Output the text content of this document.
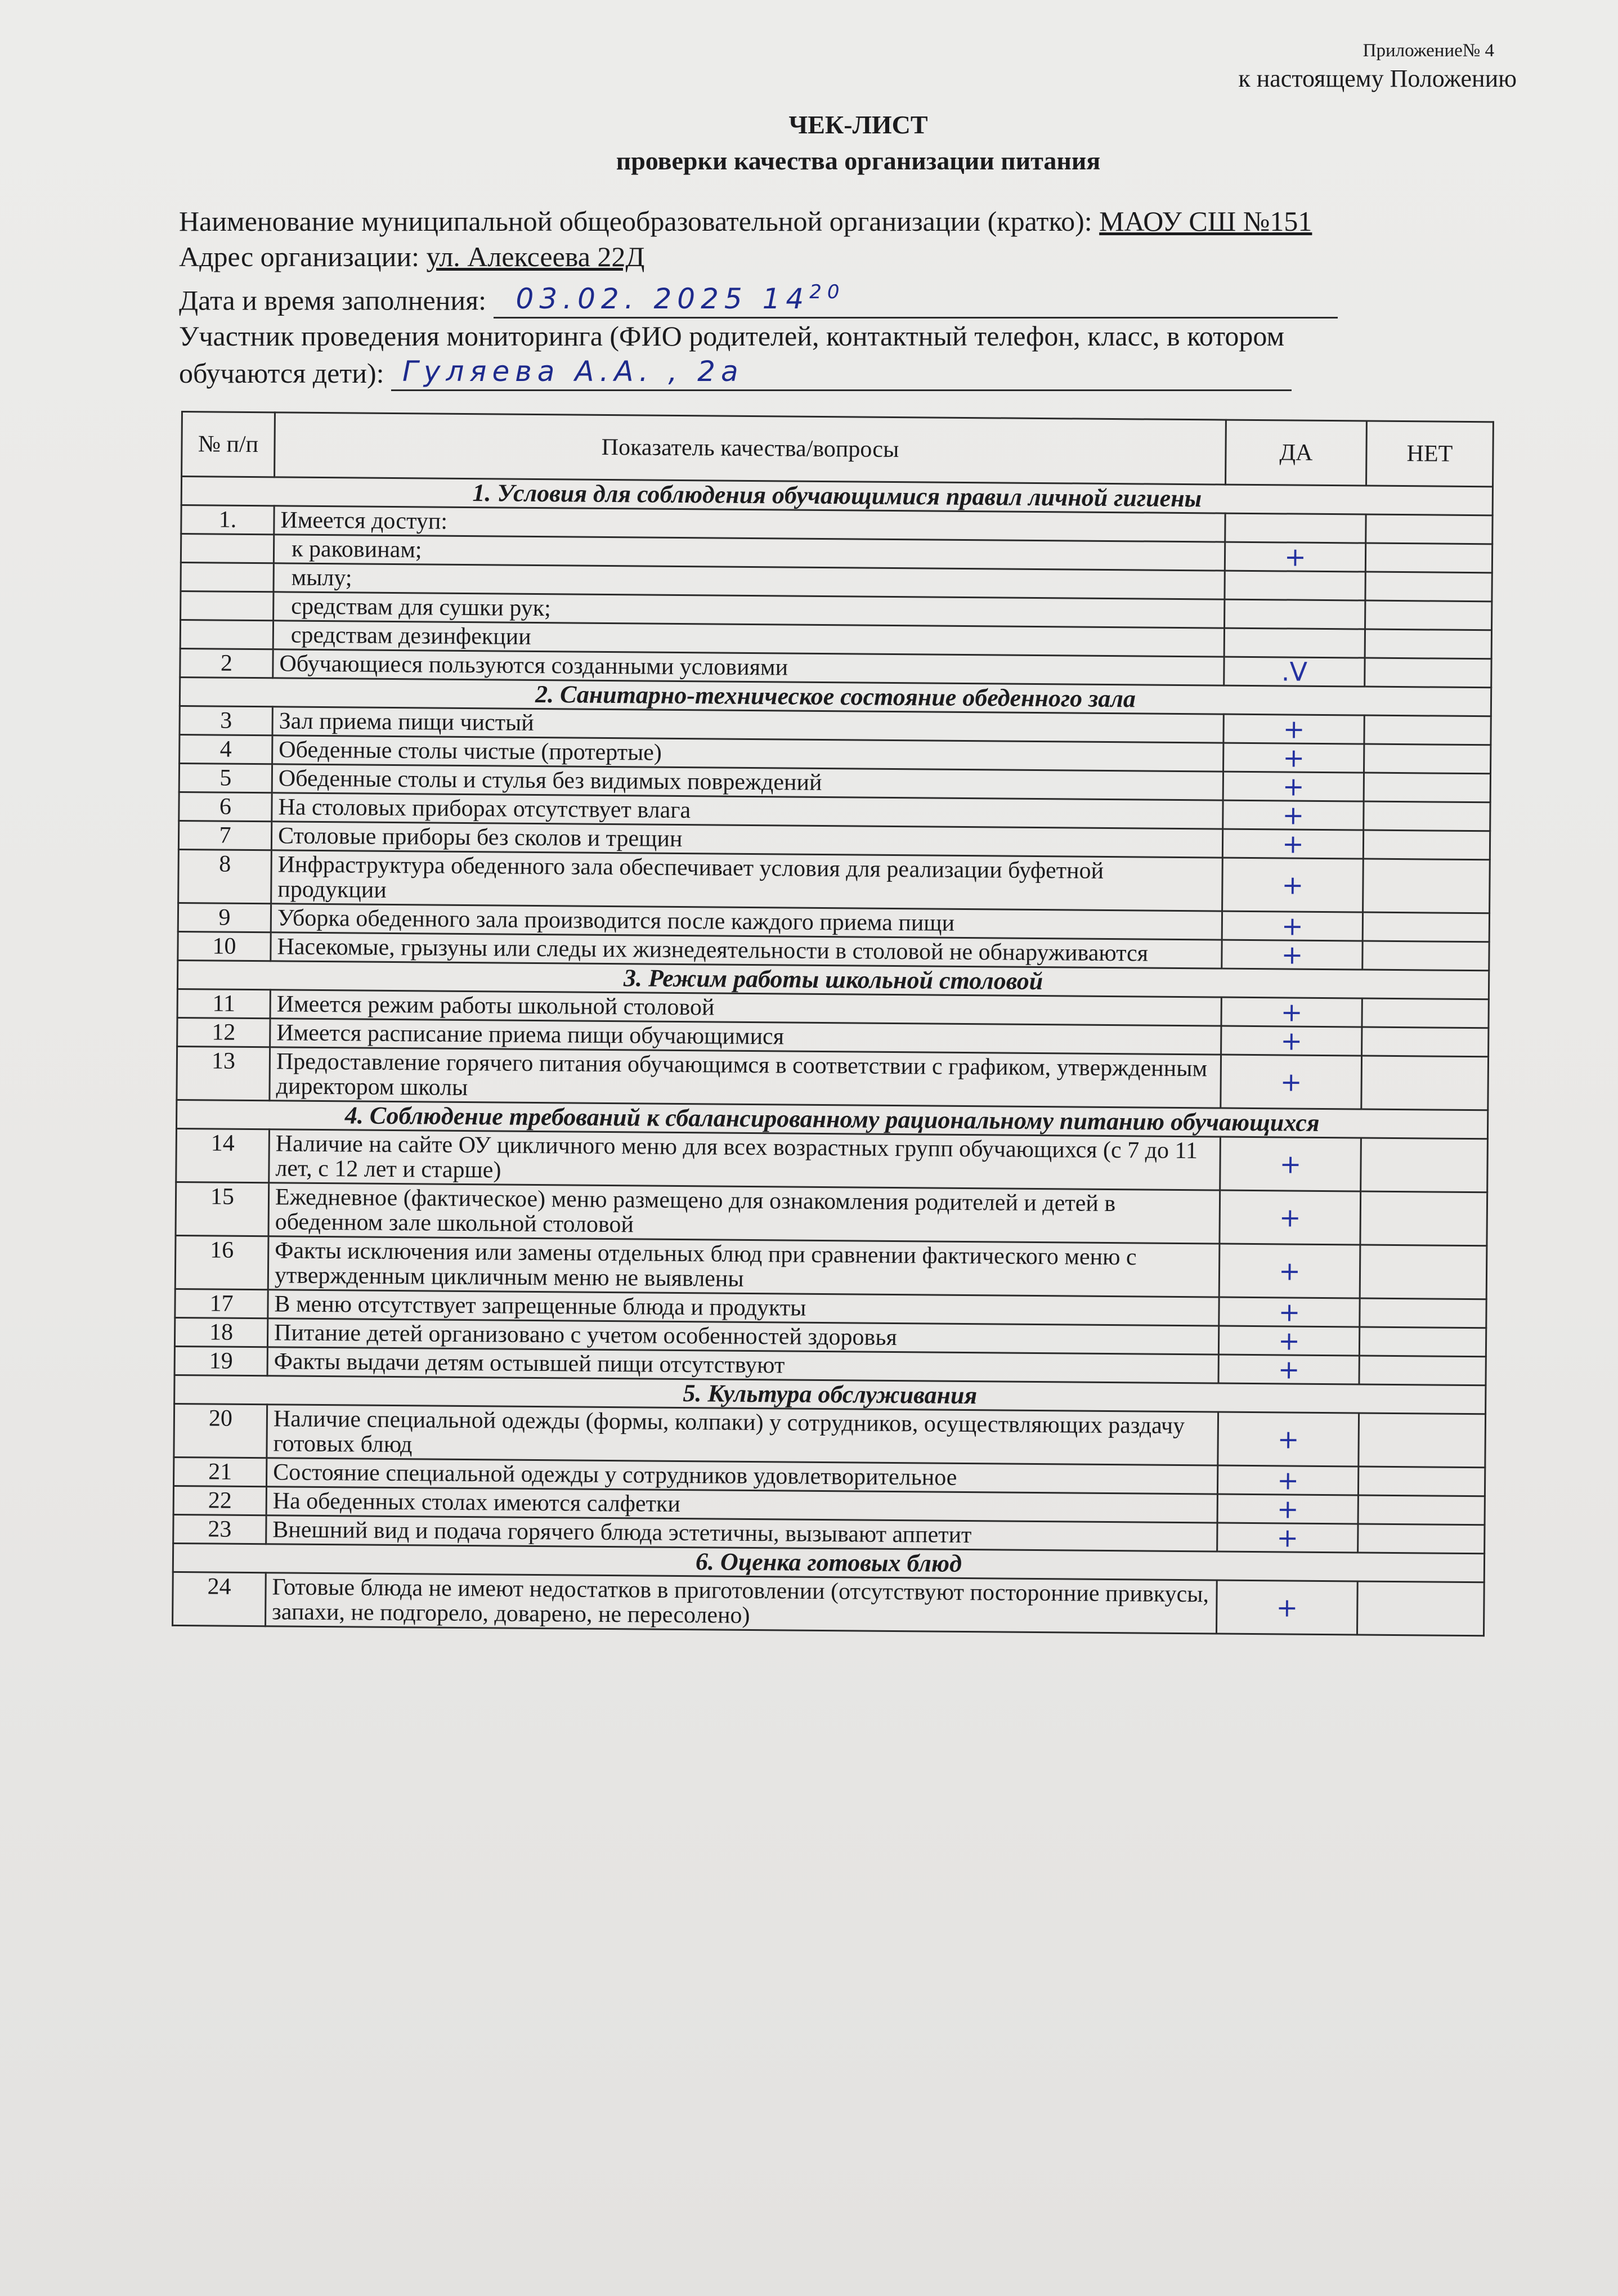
Приложение№ 4
к настоящему Положению
ЧЕК-ЛИСТ
проверки качества организации питания
Наименование муниципальной общеобразовательной организации (кратко): МАОУ СШ №151
Адрес организации: ул. Алексеева 22Д
Дата и время заполнения: 03.02. 2025 $14^{20}$
Участник проведения мониторинга (ФИО родителей, контактный телефон, класс, в котором
обучаются дети): Гуляева А.А. , 2а
№ п/п	Показатель качества/вопросы	ДА	НЕТ
1. Условия для соблюдения обучающимися правил личной гигиены			
1.	Имеется доступ:		
	к раковинам;	+	
	мылу;		
	средствам для сушки рук;		
	средствам дезинфекции		
2	Обучающиеся пользуются созданными условиями	.V	
2. Санитарно-техническое состояние обеденного зала			
3	Зал приема пищи чистый	+	
4	Обеденные столы чистые (протертые)	+	
5	Обеденные столы и стулья без видимых повреждений	+	
6	На столовых приборах отсутствует влага	+	
7	Столовые приборы без сколов и трещин	+	
8	Инфраструктура обеденного зала обеспечивает условия для реализации буфетной продукции	+	
9	Уборка обеденного зала производится после каждого приема пищи	+	
10	Насекомые, грызуны или следы их жизнедеятельности в столовой не обнаруживаются	+	
3. Режим работы школьной столовой			
11	Имеется режим работы школьной столовой	+	
12	Имеется расписание приема пищи обучающимися	+	
13	Предоставление горячего питания обучающимся в соответствии с графиком, утвержденным директором школы	+	
4. Соблюдение требований к сбалансированному рациональному питанию обучающихся			
14	Наличие на сайте ОУ цикличного меню для всех возрастных групп обучающихся (с 7 до 11 лет, с 12 лет и старше)	+	
15	Ежедневное (фактическое) меню размещено для ознакомления родителей и детей в обеденном зале школьной столовой	+	
16	Факты исключения или замены отдельных блюд при сравнении фактического меню с утвержденным цикличным меню не выявлены	+	
17	В меню отсутствует запрещенные блюда и продукты	+	
18	Питание детей организовано с учетом особенностей здоровья	+	
19	Факты выдачи детям остывшей пищи отсутствуют	+	
5. Культура обслуживания			
20	Наличие специальной одежды (формы, колпаки) у сотрудников, осуществляющих раздачу готовых блюд	+	
21	Состояние специальной одежды у сотрудников удовлетворительное	+	
22	На обеденных столах имеются салфетки	+	
23	Внешний вид и подача горячего блюда эстетичны, вызывают аппетит	+	
6. Оценка готовых блюд			
24	Готовые блюда не имеют недостатков в приготовлении (отсутствуют посторонние привкусы, запахи, не подгорело, доварено, не пересолено)	+	
